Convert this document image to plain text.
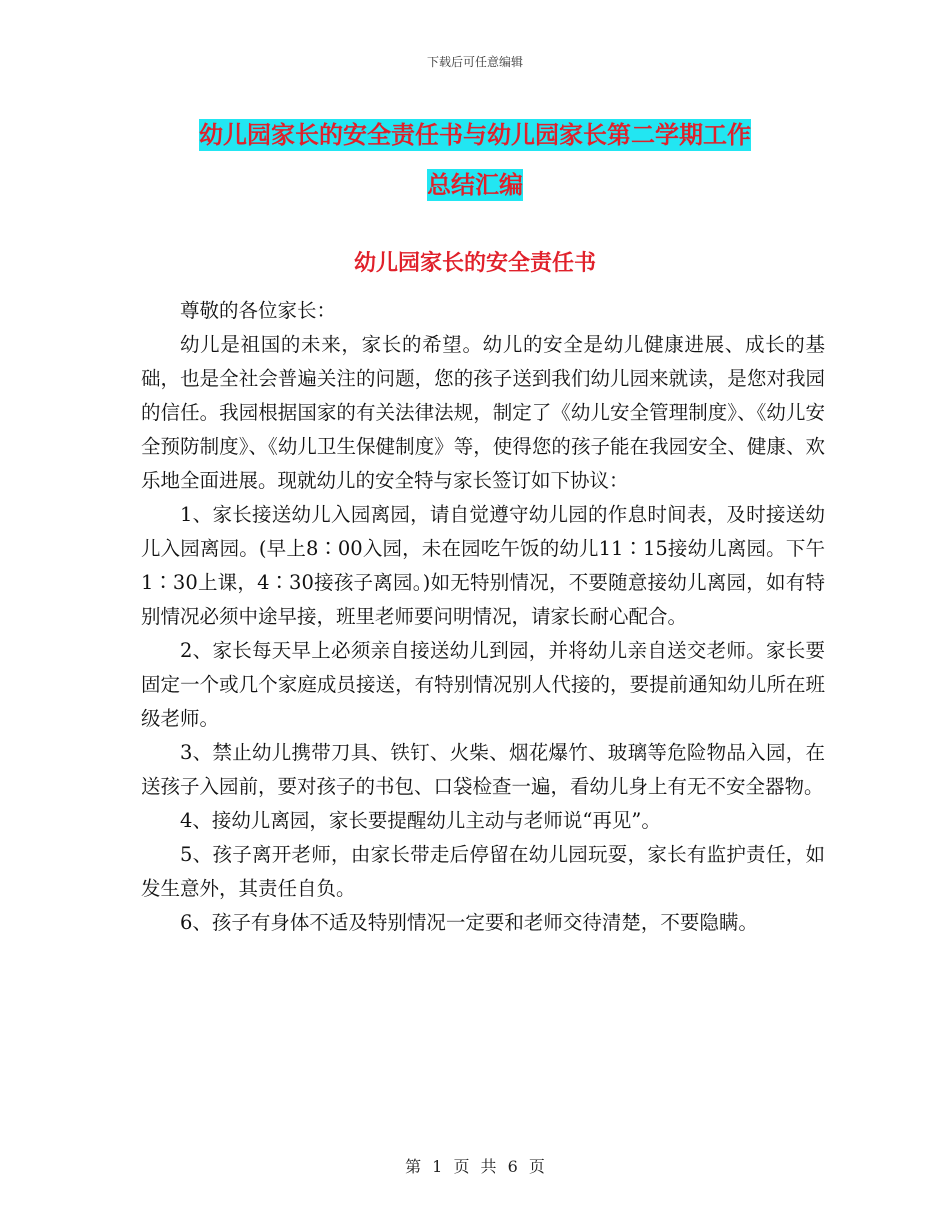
下载后可任意编辑
幼儿园家长的安全责任书与幼儿园家长第二学期工作
总结汇编
幼儿园家长的安全责任书

尊敬的各位家长：

幼儿是祖国的未来，家长的希望。幼儿的安全是幼儿健康进展、成长的基础，也是全社会普遍关注的问题，您的孩子送到我们幼儿园来就读，是您对我园的信任。我园根据国家的有关法律法规，制定了《幼儿安全管理制度》、《幼儿安全预防制度》、《幼儿卫生保健制度》等，使得您的孩子能在我园安全、健康、欢乐地全面进展。现就幼儿的安全特与家长签订如下协议：

1、家长接送幼儿入园离园，请自觉遵守幼儿园的作息时间表，及时接送幼儿入园离园。(早上8∶00入园，未在园吃午饭的幼儿11∶15接幼儿离园。下午1∶30上课，4∶30接孩子离园。)如无特别情况，不要随意接幼儿离园，如有特别情况必须中途早接，班里老师要问明情况，请家长耐心配合。

2、家长每天早上必须亲自接送幼儿到园，并将幼儿亲自送交老师。家长要固定一个或几个家庭成员接送，有特别情况别人代接的，要提前通知幼儿所在班级老师。

3、禁止幼儿携带刀具、铁钉、火柴、烟花爆竹、玻璃等危险物品入园，在送孩子入园前，要对孩子的书包、口袋检查一遍，看幼儿身上有无不安全器物。

4、接幼儿离园，家长要提醒幼儿主动与老师说“再见”。

5、孩子离开老师，由家长带走后停留在幼儿园玩耍，家长有监护责任，如发生意外，其责任自负。

6、孩子有身体不适及特别情况一定要和老师交待清楚，不要隐瞒。

第 1 页 共 6 页
